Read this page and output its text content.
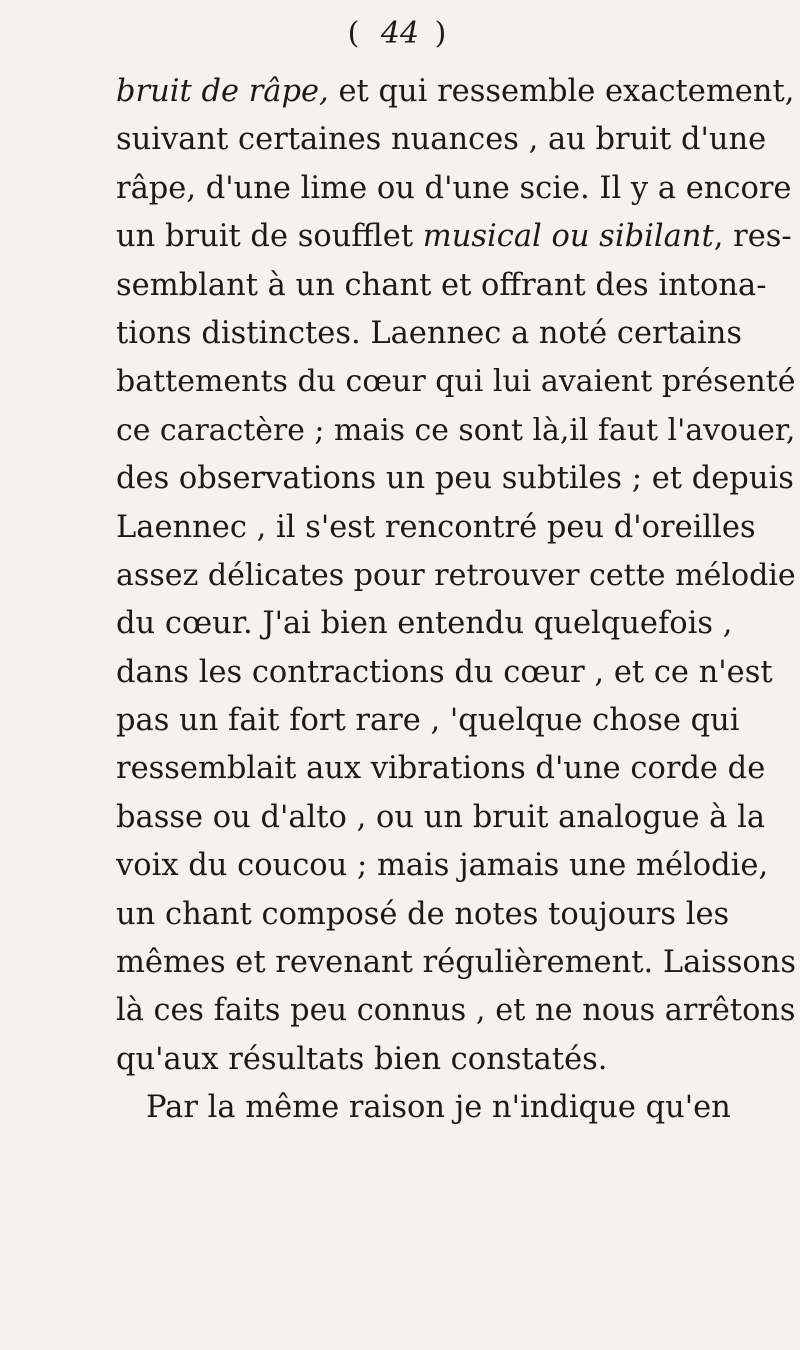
( 44 )
bruit de râpe, et qui ressemble exactement,
suivant certaines nuances , au bruit d'une
râpe, d'une lime ou d'une scie. Il y a encore
un bruit de soufflet musical ou sibilant, res-
semblant à un chant et offrant des intona-
tions distinctes. Laennec a noté certains
battements du cœur qui lui avaient présenté
ce caractère ; mais ce sont là,il faut l'avouer,
des observations un peu subtiles ; et depuis
Laennec , il s'est rencontré peu d'oreilles
assez délicates pour retrouver cette mélodie
du cœur. J'ai bien entendu quelquefois ,
dans les contractions du cœur , et ce n'est
pas un fait fort rare , 'quelque chose qui
ressemblait aux vibrations d'une corde de
basse ou d'alto , ou un bruit analogue à la
voix du coucou ; mais jamais une mélodie,
un chant composé de notes toujours les
mêmes et revenant régulièrement. Laissons
là ces faits peu connus , et ne nous arrêtons
qu'aux résultats bien constatés.
Par la même raison je n'indique qu'en
